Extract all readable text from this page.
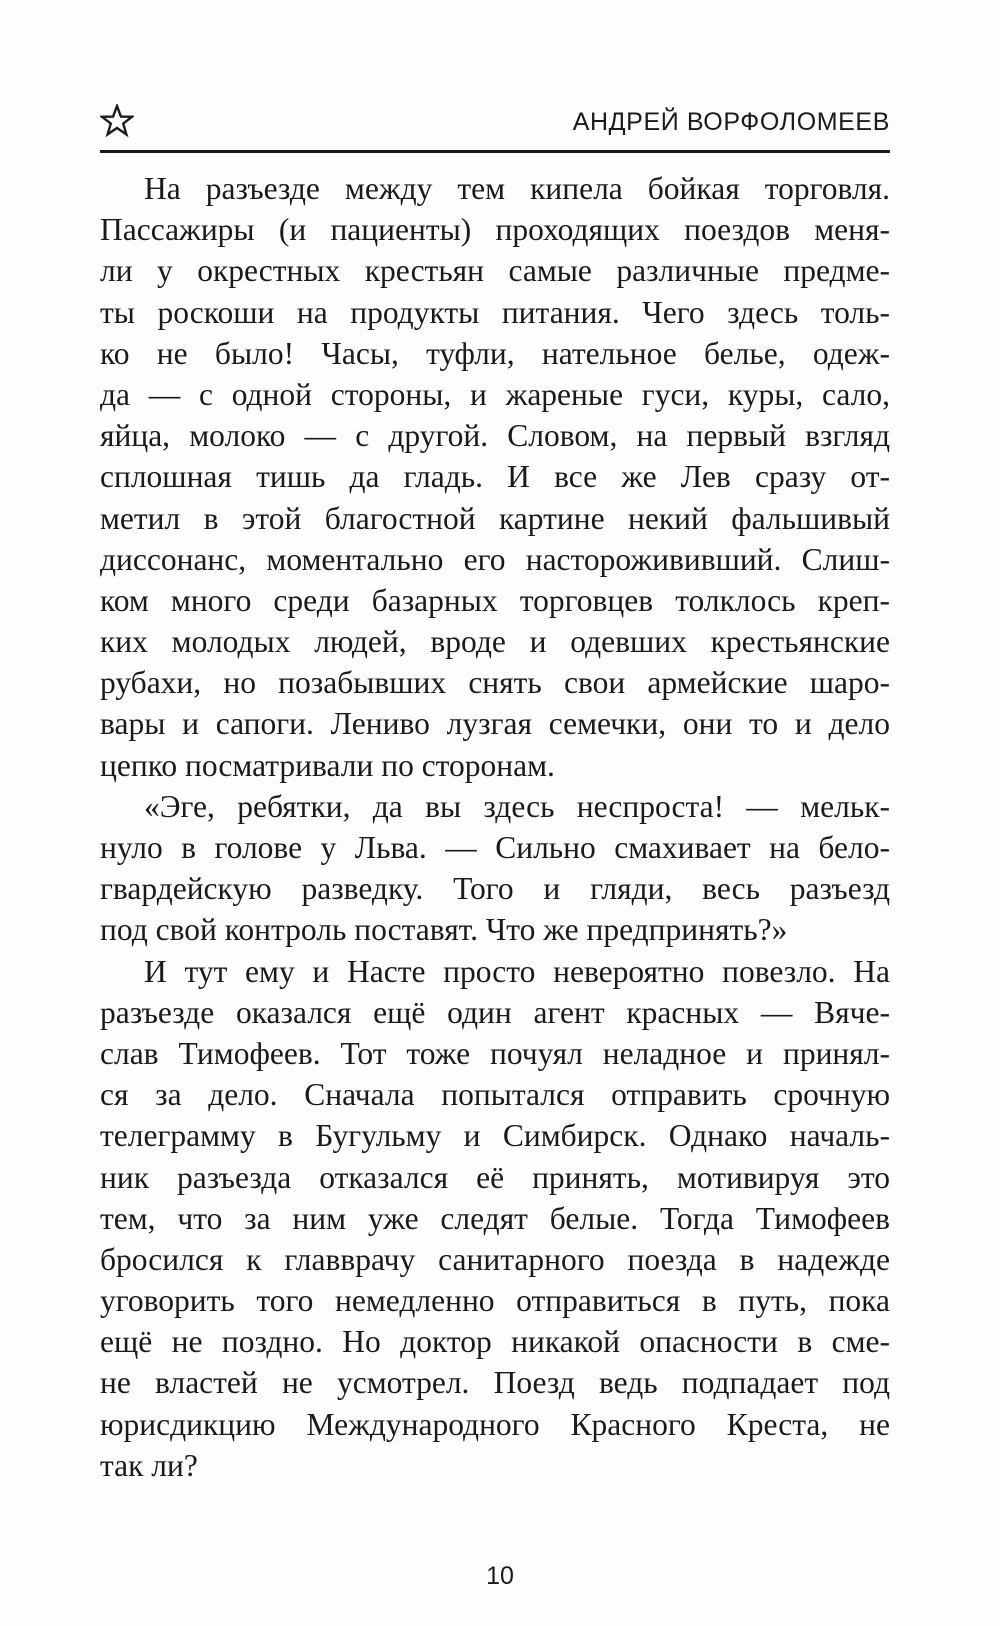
АНДРЕЙ ВОРФОЛОМЕЕВ
На разъезде между тем кипела бойкая торговля.
Пассажиры (и пациенты) проходящих поездов меня-
ли у окрестных крестьян самые различные предме-
ты роскоши на продукты питания. Чего здесь толь-
ко не было! Часы, туфли, нательное белье, одеж-
да — с одной стороны, и жареные гуси, куры, сало,
яйца, молоко — с другой. Словом, на первый взгляд
сплошная тишь да гладь. И все же Лев сразу от-
метил в этой благостной картине некий фальшивый
диссонанс, моментально его насторожививший. Слиш-
ком много среди базарных торговцев толклось креп-
ких молодых людей, вроде и одевших крестьянские
рубахи, но позабывших снять свои армейские шаро-
вары и сапоги. Лениво лузгая семечки, они то и дело
цепко посматривали по сторонам.
«Эге, ребятки, да вы здесь неспроста! — мельк-
нуло в голове у Льва. — Сильно смахивает на бело-
гвардейскую разведку. Того и гляди, весь разъезд
под свой контроль поставят. Что же предпринять?»
И тут ему и Насте просто невероятно повезло. На
разъезде оказался ещё один агент красных — Вяче-
слав Тимофеев. Тот тоже почуял неладное и принял-
ся за дело. Сначала попытался отправить срочную
телеграмму в Бугульму и Симбирск. Однако началь-
ник разъезда отказался её принять, мотивируя это
тем, что за ним уже следят белые. Тогда Тимофеев
бросился к главврачу санитарного поезда в надежде
уговорить того немедленно отправиться в путь, пока
ещё не поздно. Но доктор никакой опасности в сме-
не властей не усмотрел. Поезд ведь подпадает под
юрисдикцию Международного Красного Креста, не
так ли?
10
